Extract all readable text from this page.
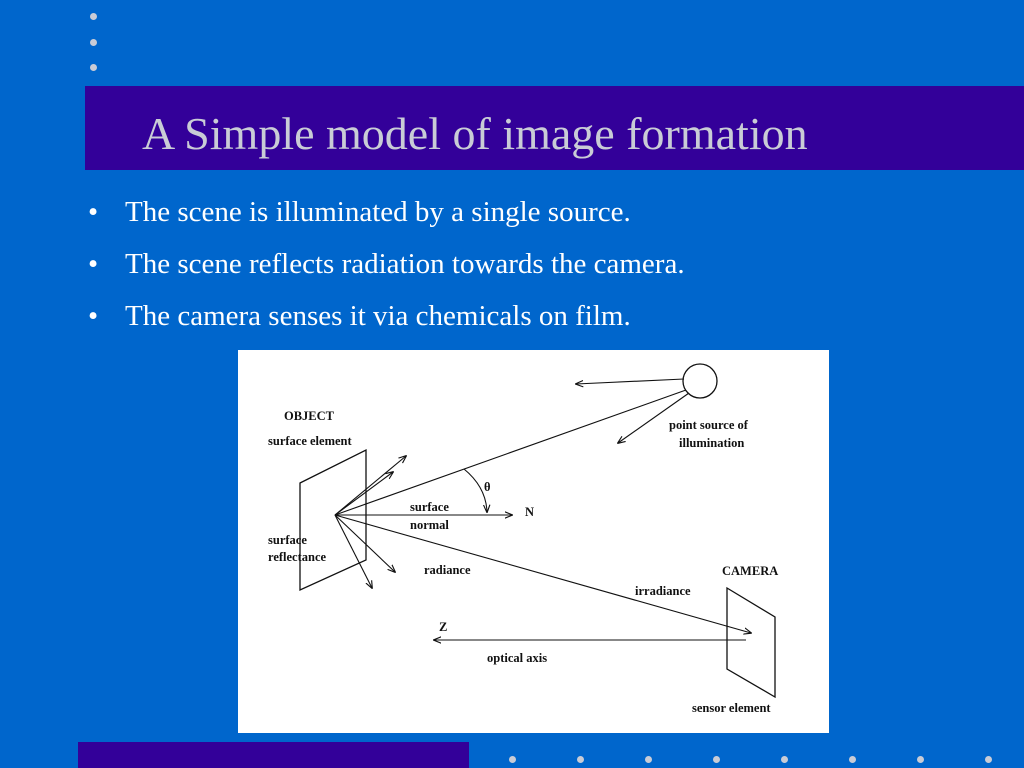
A Simple model of image formation
• The scene is illuminated by a single source.
• The scene reflects radiation towards the camera.
• The camera senses it via chemicals on film.
OBJECT
surface element
surface
reflectance
θ
surface
normal
N
point source of
illumination
radiance	CAMERA
irradiance
Z
optical axis
sensor element
